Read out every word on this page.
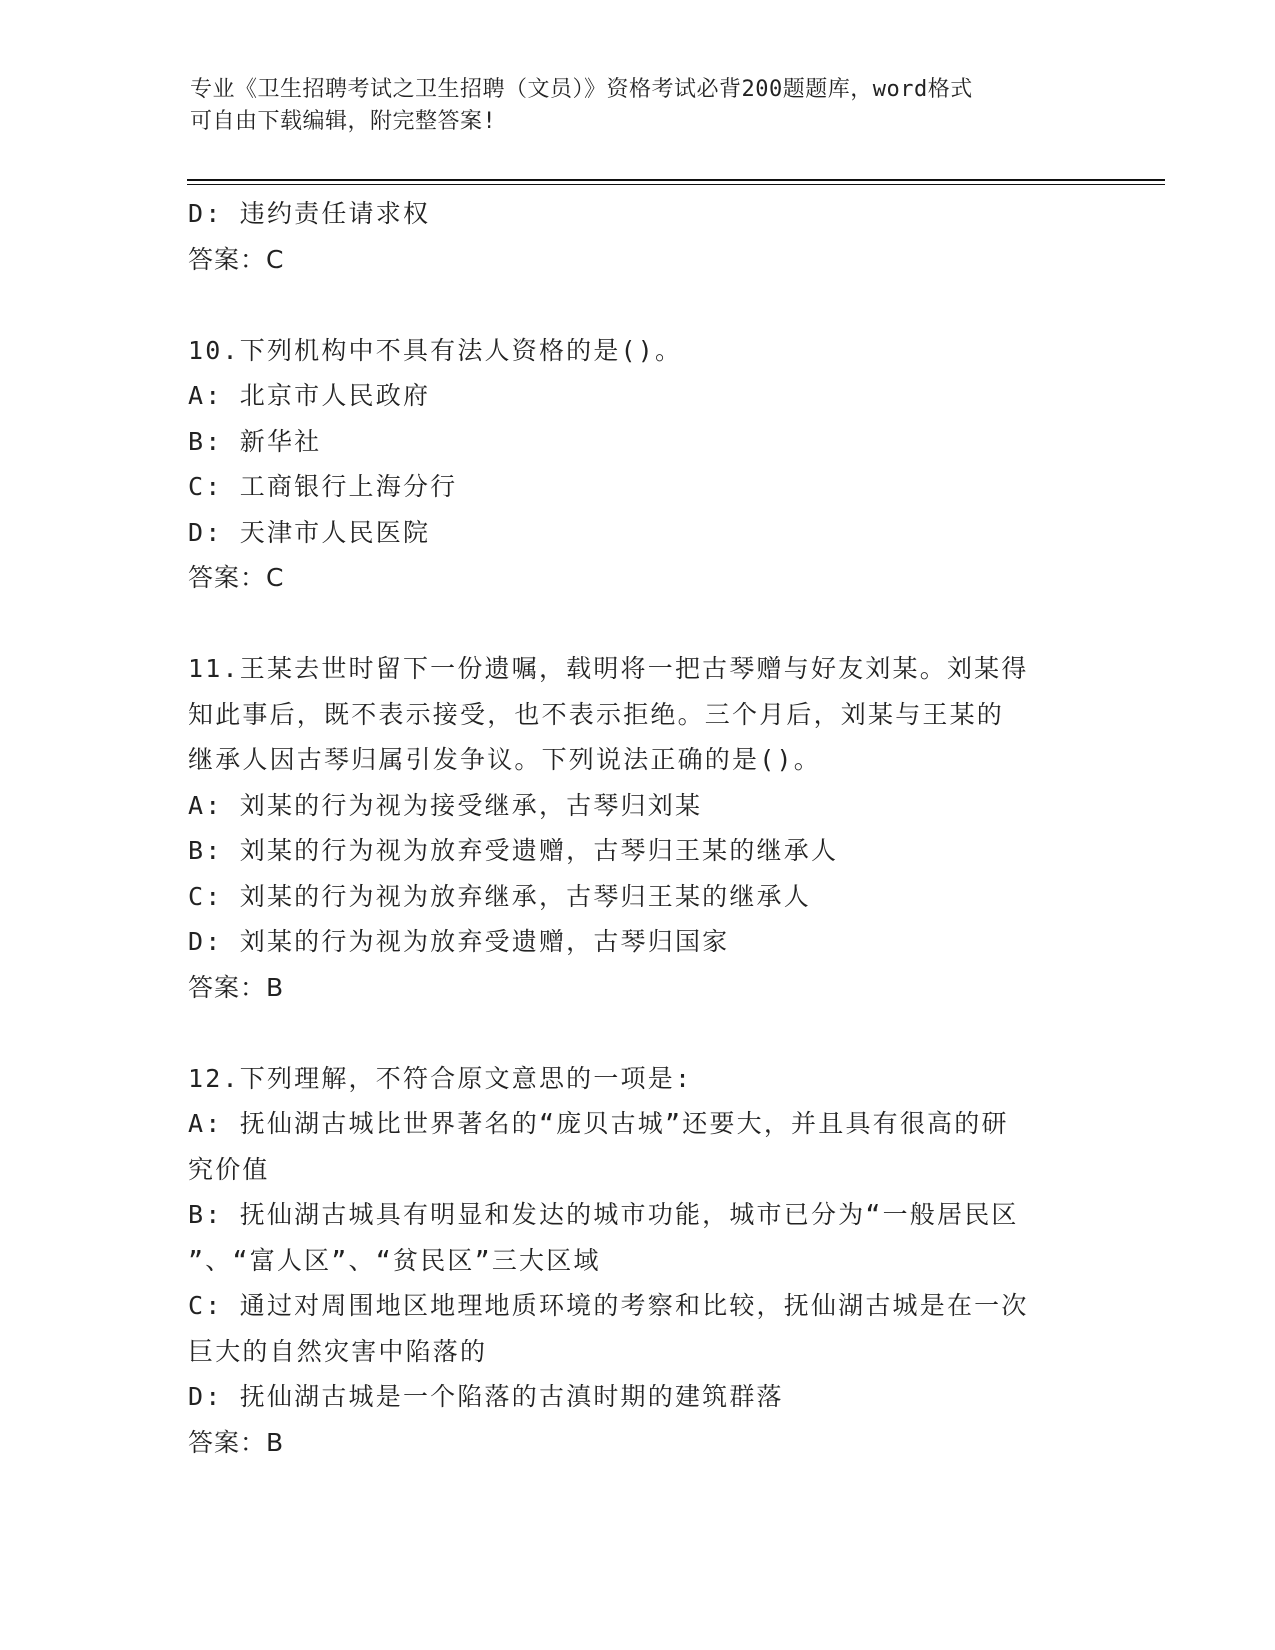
专业《卫生招聘考试之卫生招聘（文员）》资格考试必背200题题库，word格式
可自由下载编辑，附完整答案!
D: 违约责任请求权
答案：C
10.下列机构中不具有法人资格的是()。
A: 北京市人民政府
B: 新华社
C: 工商银行上海分行
D: 天津市人民医院
答案：C
11.王某去世时留下一份遗嘱，载明将一把古琴赠与好友刘某。刘某得
知此事后，既不表示接受，也不表示拒绝。三个月后，刘某与王某的
继承人因古琴归属引发争议。下列说法正确的是()。
A: 刘某的行为视为接受继承，古琴归刘某
B: 刘某的行为视为放弃受遗赠，古琴归王某的继承人
C: 刘某的行为视为放弃继承，古琴归王某的继承人
D: 刘某的行为视为放弃受遗赠，古琴归国家
答案：B
12.下列理解，不符合原文意思的一项是:
A: 抚仙湖古城比世界著名的“庞贝古城”还要大，并且具有很高的研
究价值
B: 抚仙湖古城具有明显和发达的城市功能，城市已分为“一般居民区
”、“富人区”、“贫民区”三大区域
C: 通过对周围地区地理地质环境的考察和比较，抚仙湖古城是在一次
巨大的自然灾害中陷落的
D: 抚仙湖古城是一个陷落的古滇时期的建筑群落
答案：B
